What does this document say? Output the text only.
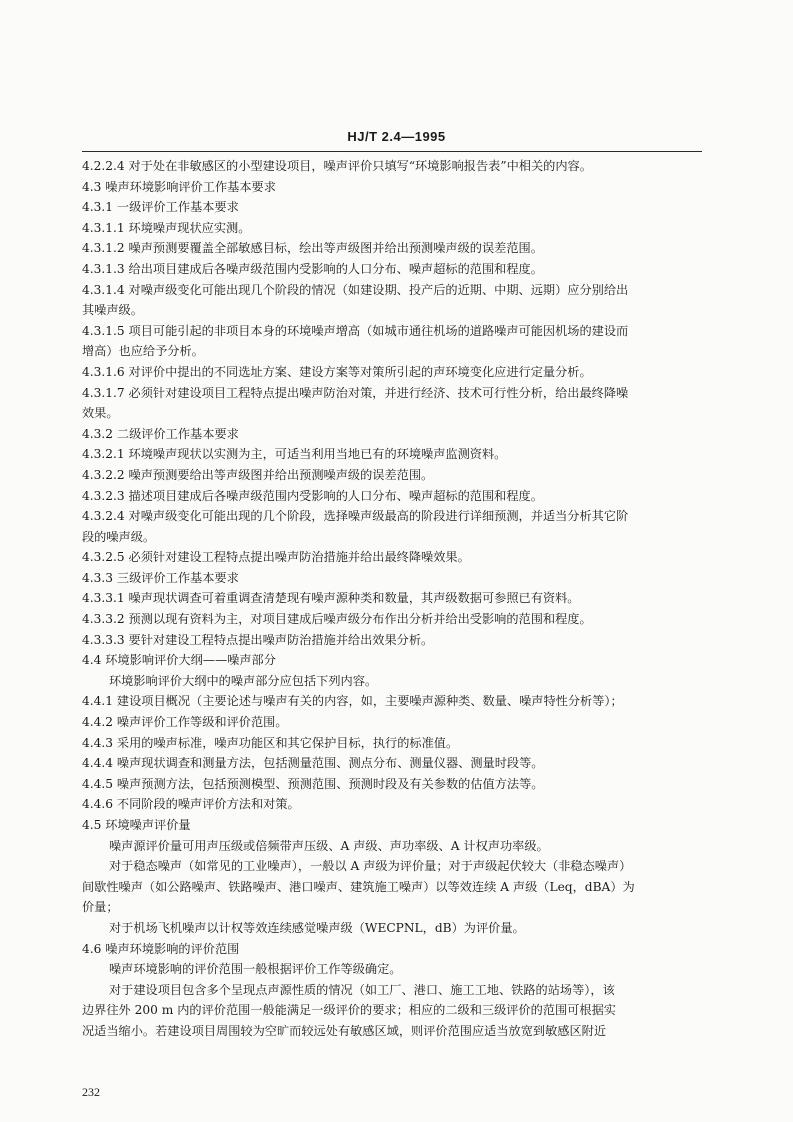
HJ/T 2.4—1995
4.2.2.4 对于处在非敏感区的小型建设项目，噪声评价只填写“环境影响报告表”中相关的内容。
4.3 噪声环境影响评价工作基本要求
4.3.1 一级评价工作基本要求
4.3.1.1 环境噪声现状应实测。
4.3.1.2 噪声预测要覆盖全部敏感目标，绘出等声级图并给出预测噪声级的误差范围。
4.3.1.3 给出项目建成后各噪声级范围内受影响的人口分布、噪声超标的范围和程度。
4.3.1.4 对噪声级变化可能出现几个阶段的情况（如建设期、投产后的近期、中期、远期）应分别给出
其噪声级。
4.3.1.5 项目可能引起的非项目本身的环境噪声增高（如城市通往机场的道路噪声可能因机场的建设而
增高）也应给予分析。
4.3.1.6 对评价中提出的不同选址方案、建设方案等对策所引起的声环境变化应进行定量分析。
4.3.1.7 必须针对建设项目工程特点提出噪声防治对策，并进行经济、技术可行性分析，给出最终降噪
效果。
4.3.2 二级评价工作基本要求
4.3.2.1 环境噪声现状以实测为主，可适当利用当地已有的环境噪声监测资料。
4.3.2.2 噪声预测要给出等声级图并给出预测噪声级的误差范围。
4.3.2.3 描述项目建成后各噪声级范围内受影响的人口分布、噪声超标的范围和程度。
4.3.2.4 对噪声级变化可能出现的几个阶段，选择噪声级最高的阶段进行详细预测，并适当分析其它阶
段的噪声级。
4.3.2.5 必须针对建设工程特点提出噪声防治措施并给出最终降噪效果。
4.3.3 三级评价工作基本要求
4.3.3.1 噪声现状调查可着重调查清楚现有噪声源种类和数量，其声级数据可参照已有资料。
4.3.3.2 预测以现有资料为主，对项目建成后噪声级分布作出分析并给出受影响的范围和程度。
4.3.3.3 要针对建设工程特点提出噪声防治措施并给出效果分析。
4.4 环境影响评价大纲——噪声部分
环境影响评价大纲中的噪声部分应包括下列内容。
4.4.1 建设项目概况（主要论述与噪声有关的内容，如，主要噪声源种类、数量、噪声特性分析等）；
4.4.2 噪声评价工作等级和评价范围。
4.4.3 采用的噪声标准，噪声功能区和其它保护目标，执行的标准值。
4.4.4 噪声现状调查和测量方法，包括测量范围、测点分布、测量仪器、测量时段等。
4.4.5 噪声预测方法，包括预测模型、预测范围、预测时段及有关参数的估值方法等。
4.4.6 不同阶段的噪声评价方法和对策。
4.5 环境噪声评价量
噪声源评价量可用声压级或倍频带声压级、A 声级、声功率级、A 计权声功率级。
对于稳态噪声（如常见的工业噪声），一般以 A 声级为评价量；对于声级起伏较大（非稳态噪声）
间歇性噪声（如公路噪声、铁路噪声、港口噪声、建筑施工噪声）以等效连续 A 声级（Leq，dBA）为
价量；
对于机场飞机噪声以计权等效连续感觉噪声级（WECPNL，dB）为评价量。
4.6 噪声环境影响的评价范围
噪声环境影响的评价范围一般根据评价工作等级确定。
对于建设项目包含多个呈现点声源性质的情况（如工厂、港口、施工工地、铁路的站场等），该
边界往外 200 m 内的评价范围一般能满足一级评价的要求；相应的二级和三级评价的范围可根据实
况适当缩小。若建设项目周围较为空旷而较远处有敏感区域，则评价范围应适当放宽到敏感区附近
232
